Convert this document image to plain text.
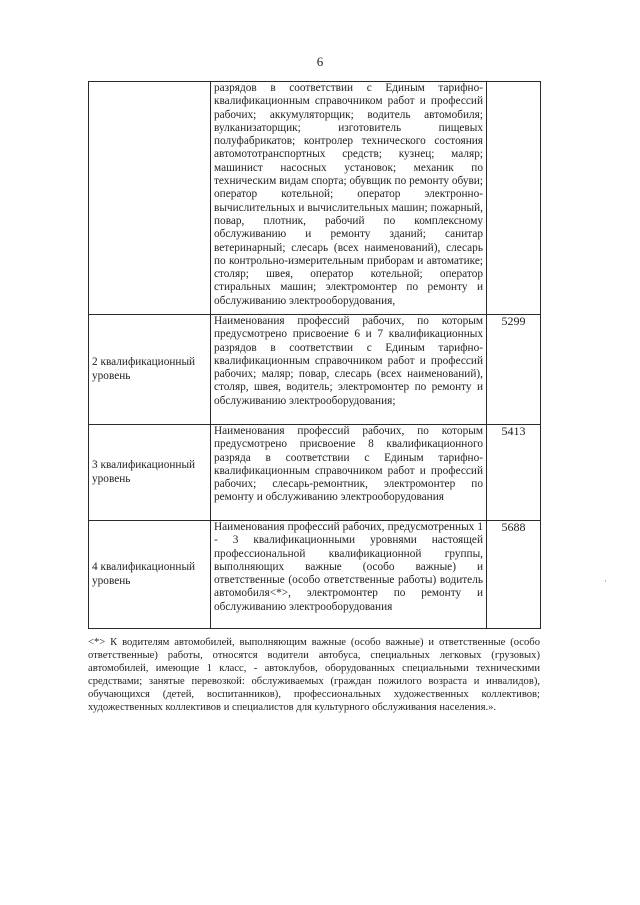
6
	разрядов в соответствии с Единым тарифно-квалификационным справочником работ и профессий рабочих; аккумуляторщик; водитель автомобиля; вулканизаторщик; изготовитель пищевых полуфабрикатов; контролер технического состояния автомототранспортных средств; кузнец; маляр; машинист насосных установок; механик по техническим видам спорта; обувщик по ремонту обуви; оператор котельной; оператор электронно-вычислительных и вычислительных машин; пожарный, повар, плотник, рабочий по комплексному обслуживанию и ремонту зданий; санитар ветеринарный; слесарь (всех наименований), слесарь по контрольно-измерительным приборам и автоматике; столяр; швея, оператор котельной; оператор стиральных машин; электромонтер по ремонту и обслуживанию электрооборудования,	
2 квалификационный уровень	Наименования профессий рабочих, по которым предусмотрено присвоение 6 и 7 квалификационных разрядов в соответствии с Единым тарифно-квалификационным справочником работ и профессий рабочих; маляр; повар, слесарь (всех наименований), столяр, швея, водитель; электромонтер по ремонту и обслуживанию электрооборудования;	5299
3 квалификационный уровень	Наименования профессий рабочих, по которым предусмотрено присвоение 8 квалификационного разряда в соответствии с Единым тарифно-квалификационным справочником работ и профессий рабочих; слесарь-ремонтник, электромонтер по ремонту и обслуживанию электрооборудования	5413
4 квалификационный уровень	Наименования профессий рабочих, предусмотренных 1 - 3 квалификационными уровнями настоящей профессиональной квалификационной группы, выполняющих важные (особо важные) и ответственные (особо ответственные работы) водитель автомобиля<*>, электромонтер по ремонту и обслуживанию электрооборудования	5688
<*> К водителям автомобилей, выполняющим важные (особо важные) и ответственные (особо ответственные) работы, относятся водители автобуса, специальных легковых (грузовых) автомобилей, имеющие 1 класс, - автоклубов, оборудованных специальными техническими средствами; занятые перевозкой: обслуживаемых (граждан пожилого возраста и инвалидов), обучающихся (детей, воспитанников), профессиональных художественных коллективов; художественных коллективов и специалистов для культурного обслуживания населения.».
·
